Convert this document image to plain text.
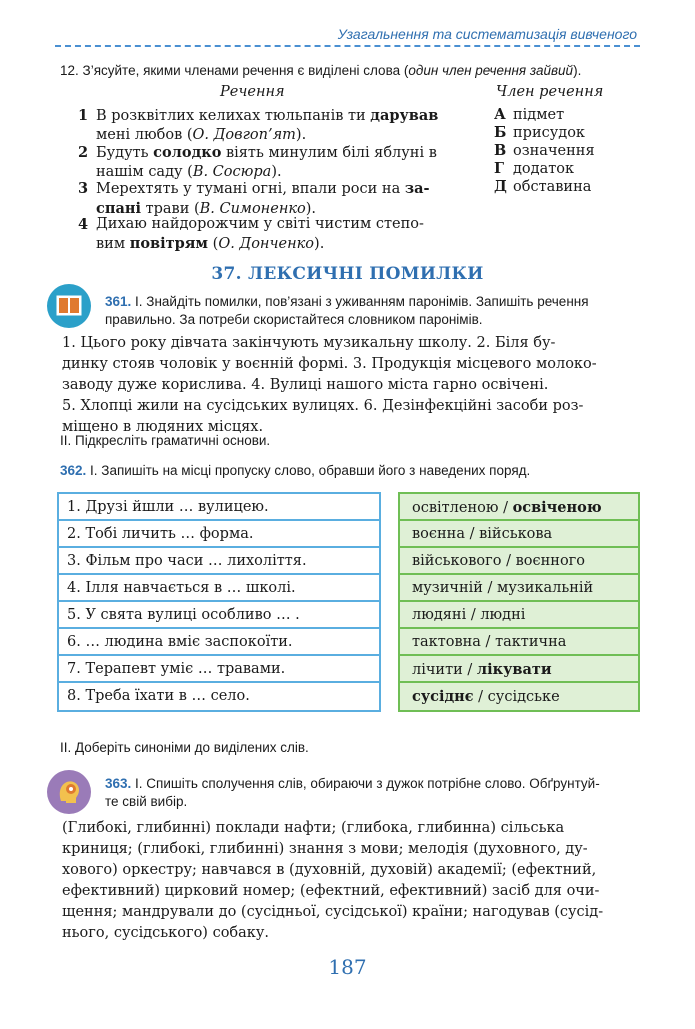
Узагальнення та систематизація вивченого
12. З’ясуйте, якими членами речення є виділені слова (один член речення зайвий).
Речення	Член речення
1 В розквітлих келихах тюльпанів ти дарував
мені любов (О. Довгоп’ят).
2 Будуть солодко віять минулим білі яблуні в
нашім саду (В. Сосюра).
3 Мерехтять у тумані огні, впали роси на за-
спані трави (В. Симоненко).
4 Дихаю найдорожчим у світі чистим степо-
вим повітрям (О. Донченко).
А підмет
Б присудок
В означення
Г додаток
Д обставина
37. ЛЕКСИЧНІ ПОМИЛКИ
361. І. Знайдіть помилки, пов’язані з уживанням паронімів. Запишіть речення
правильно. За потреби скористайтеся словником паронімів.
1. Цього року дівчата закінчують музикальну школу. 2. Біля бу-
динку стояв чоловік у воєнній формі. 3. Продукція місцевого молоко-
заводу дуже корислива. 4. Вулиці нашого міста гарно освічені.
5. Хлопці жили на сусідських вулицях. 6. Дезінфекційні засоби роз-
міщено в людяних місцях.
ІІ. Підкресліть граматичні основи.
362. І. Запишіть на місці пропуску слово, обравши його з наведених поряд.
1. Друзі йшли … вулицею.
2. Тобі личить … форма.
3. Фільм про часи … лихоліття.
4. Ілля навчається в … школі.
5. У свята вулиці особливо … .
6. … людина вміє заспокоїти.
7. Терапевт уміє … травами.
8. Треба їхати в … село.
освітленою / освіченою
воєнна / військова
військового / воєнного
музичній / музикальній
людяні / людні
тактовна / тактична
лічити / лікувати
сусіднє / сусідське
ІІ. Доберіть синоніми до виділених слів.
363. І. Спишіть сполучення слів, обираючи з дужок потрібне слово. Обґрунтуй-
те свій вибір.
(Глибокі, глибинні) поклади нафти; (глибока, глибинна) сільська
криниця; (глибокі, глибинні) знання з мови; мелодія (духовного, ду-
хового) оркестру; навчався в (духовній, духовій) академії; (ефектний,
ефективний) цирковий номер; (ефектний, ефективний) засіб для очи-
щення; мандрували до (сусідньої, сусідської) країни; нагодував (сусід-
нього, сусідського) собаку.
187
